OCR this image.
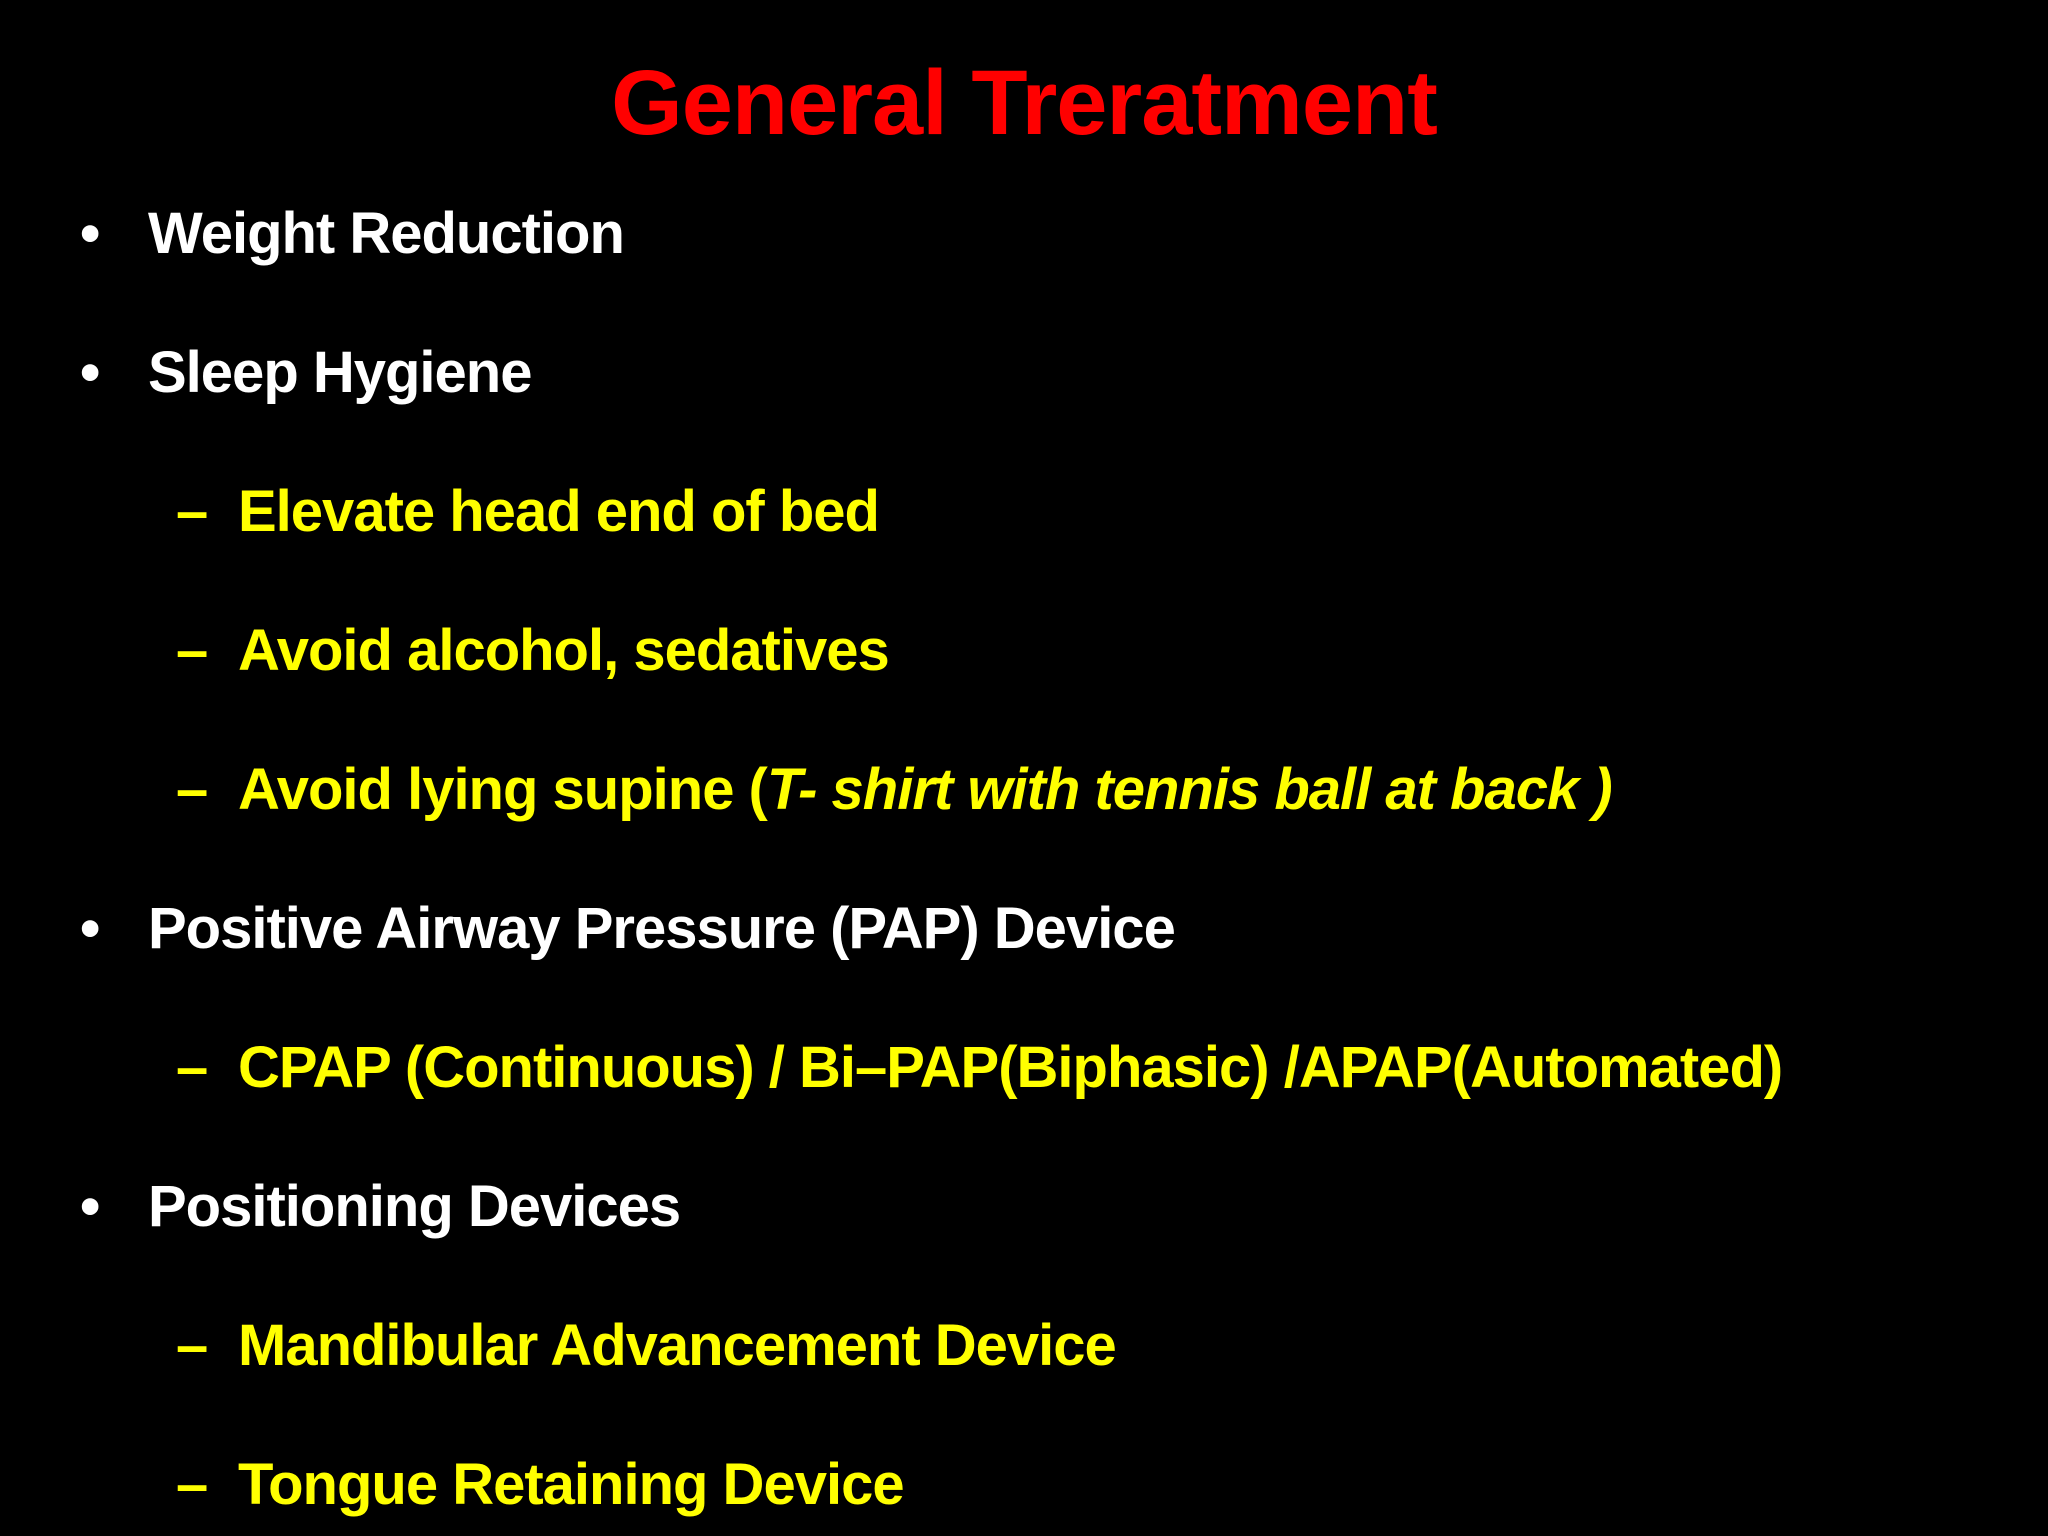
General Treratment
• Weight Reduction
• Sleep Hygiene
– Elevate head end of bed
– Avoid alcohol, sedatives
– Avoid lying supine (T- shirt with tennis ball at back )
• Positive Airway Pressure (PAP) Device
– CPAP (Continuous) / Bi–PAP(Biphasic) /APAP(Automated)
• Positioning Devices
– Mandibular Advancement Device
– Tongue Retaining Device
